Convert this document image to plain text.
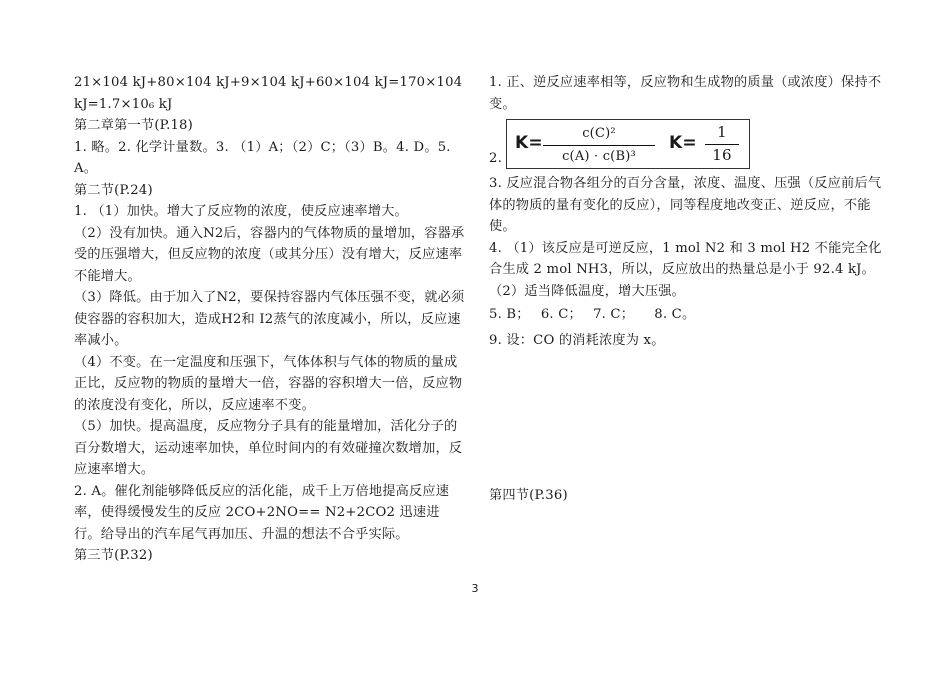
21×104 kJ+80×104 kJ+9×104 kJ+60×104 kJ=170×104 kJ=1.7×10₆ kJ

第二章第一节(P.18)

1. 略。2. 化学计量数。3. （1）A；（2）C；（3）B。4. D。5. A。

第二节(P.24)

1. （1）加快。增大了反应物的浓度，使反应速率增大。

（2）没有加快。通入N2后，容器内的气体物质的量增加，容器承受的压强增大，但反应物的浓度（或其分压）没有增大，反应速率不能增大。

（3）降低。由于加入了N2，要保持容器内气体压强不变，就必须使容器的容积加大，造成H2和 I2蒸气的浓度减小，所以，反应速率减小。

（4）不变。在一定温度和压强下，气体体积与气体的物质的量成正比，反应物的物质的量增大一倍，容器的容积增大一倍，反应物的浓度没有变化，所以，反应速率不变。

（5）加快。提高温度，反应物分子具有的能量增加，活化分子的百分数增大，运动速率加快，单位时间内的有效碰撞次数增加，反应速率增大。

2. A。催化剂能够降低反应的活化能，成千上万倍地提高反应速率，使得缓慢发生的反应 2CO+2NO== N2+2CO2 迅速进行。给导出的汽车尾气再加压、升温的想法不合乎实际。

第三节(P.32)

1. 正、逆反应速率相等，反应物和生成物的质量（或浓度）保持不变。

2.
$K= \frac{\text{c(C)²}}{\text{c(A) · c(B)³}} K= \frac{1}{16}$

3. 反应混合物各组分的百分含量，浓度、温度、压强（反应前后气体的物质的量有变化的反应），同等程度地改变正、逆反应，不能使。

4. （1）该反应是可逆反应，1 mol N2 和 3 mol H2 不能完全化合生成 2 mol NH3，所以，反应放出的热量总是小于 92.4 kJ。

（2）适当降低温度，增大压强。

5. B；　 6. C；　 7. C；　　8. C。

9. 设：CO 的消耗浓度为 x。

第四节(P.36)

3
